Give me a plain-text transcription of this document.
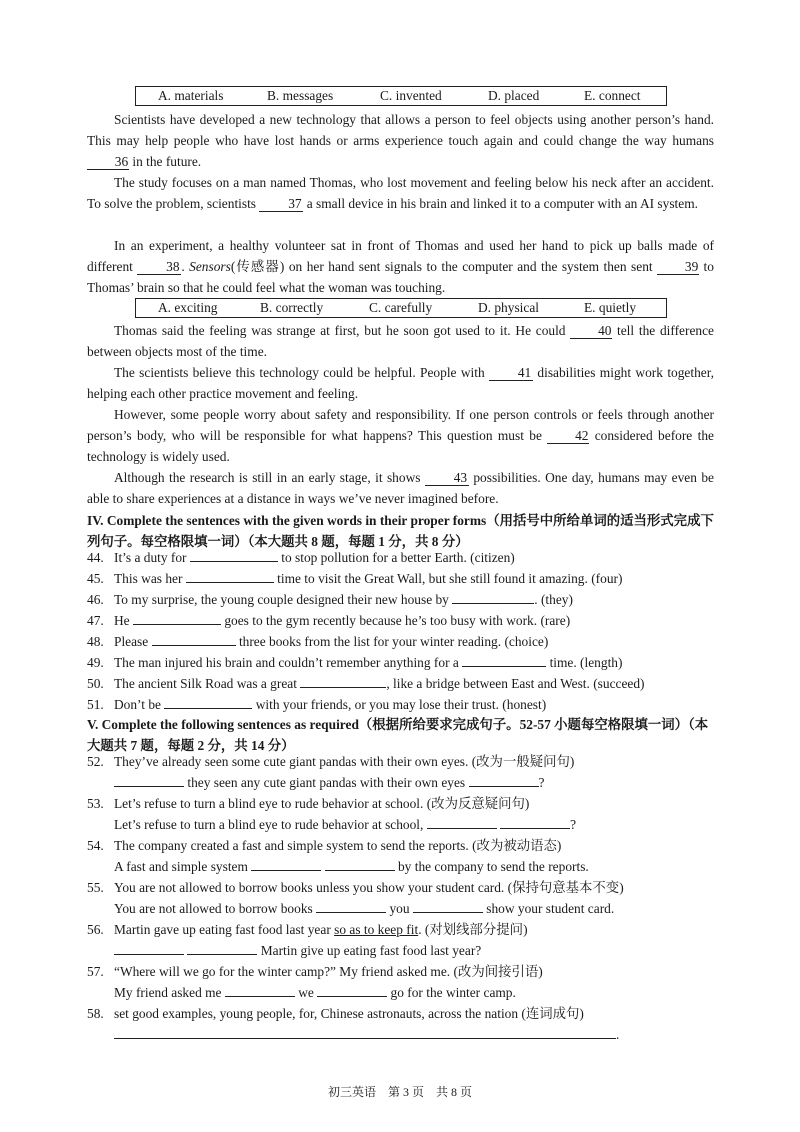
A. materials	B. messages	C. invented	D. placed	E. connect
Scientists have developed a new technology that allows a person to feel objects using another person’s hand. This may help people who have lost hands or arms experience touch again and could change the way humans 36 in the future.
The study focuses on a man named Thomas, who lost movement and feeling below his neck after an accident. To solve the problem, scientists 37 a small device in his brain and linked it to a computer with an AI system.
In an experiment, a healthy volunteer sat in front of Thomas and used her hand to pick up balls made of different 38 . Sensors(传感器) on her hand sent signals to the computer and the system then sent 39 to Thomas’ brain so that he could feel what the woman was touching.
A. exciting	B. correctly	C. carefully	D. physical	E. quietly
Thomas said the feeling was strange at first, but he soon got used to it. He could 40 tell the difference between objects most of the time.
The scientists believe this technology could be helpful. People with 41 disabilities might work together, helping each other practice movement and feeling.
However, some people worry about safety and responsibility. If one person controls or feels through another person’s body, who will be responsible for what happens? This question must be 42 considered before the technology is widely used.
Although the research is still in an early stage, it shows 43 possibilities. One day, humans may even be able to share experiences at a distance in ways we’ve never imagined before.
IV. Complete the sentences with the given words in their proper forms（用括号中所给单词的适当形式完成下列句子。每空格限填一词）（本大题共 8 题，每题 1 分，共 8 分）
44. It’s a duty for	to stop pollution for a better Earth. (citizen)
45. This was her	time to visit the Great Wall, but she still found it amazing. (four)
46. To my surprise, the young couple designed their new house by	. (they)
47. He	goes to the gym recently because he’s too busy with work. (rare)
48. Please	three books from the list for your winter reading. (choice)
49. The man injured his brain and couldn’t remember anything for a	time. (length)
50. The ancient Silk Road was a great	, like a bridge between East and West. (succeed)
51. Don’t be	with your friends, or you may lose their trust. (honest)
V. Complete the following sentences as required（根据所给要求完成句子。52-57 小题每空格限填一词）（本大题共 7 题，每题 2 分，共 14 分）
52. They’ve already seen some cute giant pandas with their own eyes. (改为一般疑问句)
they seen any cute giant pandas with their own eyes	?
53. Let’s refuse to turn a blind eye to rude behavior at school. (改为反意疑问句)
Let’s refuse to turn a blind eye to rude behavior at school,	?
54. The company created a fast and simple system to send the reports. (改为被动语态)
A fast and simple system	by the company to send the reports.
55. You are not allowed to borrow books unless you show your student card. (保持句意基本不变)
You are not allowed to borrow books	you	show your student card.
56. Martin gave up eating fast food last year so as to keep fit. (对划线部分提问)
Martin give up eating fast food last year?
57. “Where will we go for the winter camp?” My friend asked me. (改为间接引语)
My friend asked me	we	go for the winter camp.
58. set good examples, young people, for, Chinese astronauts, across the nation (连词成句)
.
初三英语　第 3 页　共 8 页
